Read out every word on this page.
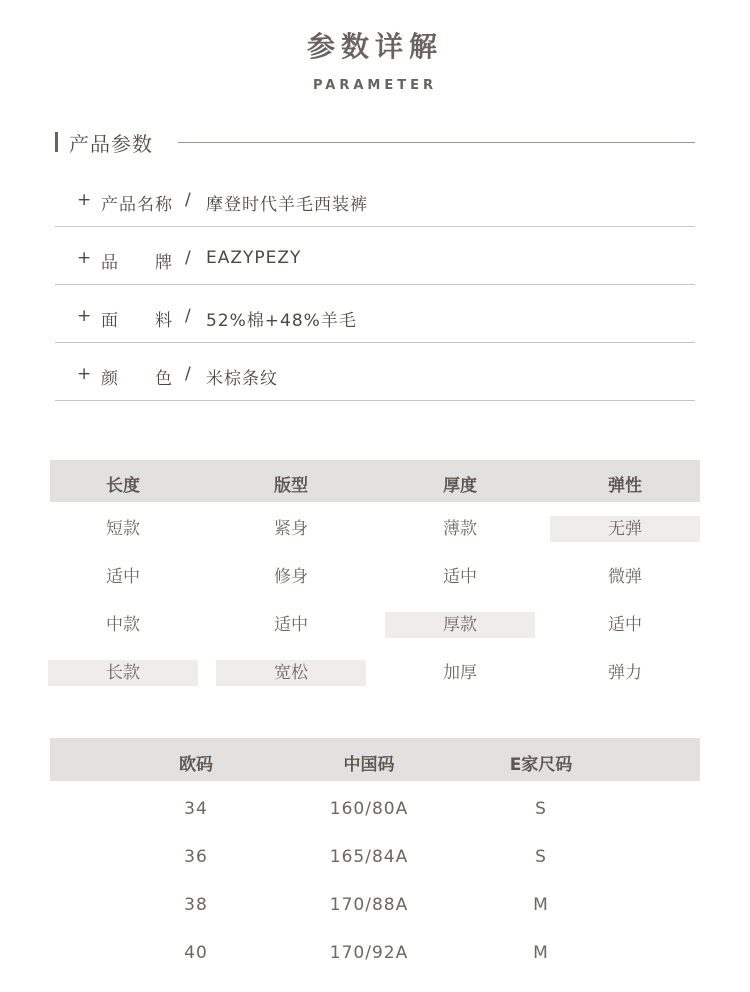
参数详解
PARAMETER
产品参数
+ 产品名称 / 摩登时代羊毛西装裤
+ 品　　牌 / EAZYPEZY
+ 面　　料 / 52%棉+48%羊毛
+ 颜　　色 / 米棕条纹
长度	版型	厚度	弹性
短款	紧身	薄款	无弹
适中	修身	适中	微弹
中款	适中	厚款	适中
长款	宽松	加厚	弹力
欧码	中国码	E家尺码
34	160/80A	S
36	165/84A	S
38	170/88A	M
40	170/92A	M
